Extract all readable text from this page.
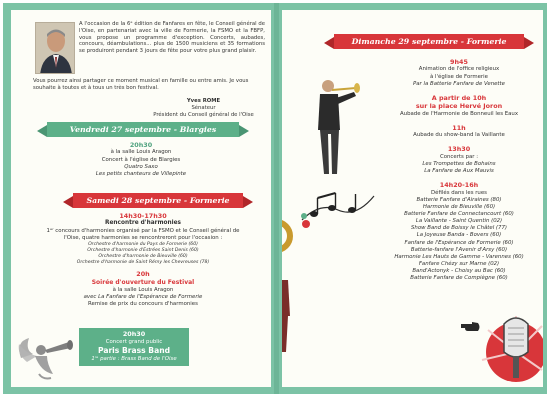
A l'occasion de la 6ᵉ édition de Fanfares en fête, le Conseil général de l'Oise, en partenariat avec la ville de Formerie, la FSMO et la FBFP, vous propose un programme d'exception. Concerts, aubades, concours, déambulations... plus de 1500 musiciens et 35 formations se produiront pendant 3 jours de fête pour votre plus grand plaisir.

Vous pourrez ainsi partager ce moment musical en famille ou entre amis. Je vous souhaite à toutes et à tous un très bon festival.

Yves ROME
Sénateur
Président du Conseil général de l'Oise
Vendredi 27 septembre - Blargies
20h30
à la salle Louis Aragon
Concert à l'église de Blargies
Quatro Saxo
Les petits chanteurs de Villepinte
Samedi 28 septembre - Formerie
14h30-17h30
Rencontre d'harmonies
1ᵉʳ concours d'harmonies organisé par la FSMO et le Conseil général de l'Oise, quatre harmonies se rencontreront pour l'occasion :
Orchestre d'harmonie du Pays de Formerie (60)
Orchestre d'harmonie d'Estrées Saint Denis (60)
Orchestre d'harmonie de Bieuville (60)
Orchestre d'harmonie de Saint Rémy les Chevreuses (78)
20h
Soirée d'ouverture du Festival
à la salle Louis Aragon
avec La Fanfare de l'Espérance de Formerie
Remise de prix du concours d'harmonies
20h30
Concert grand public
Paris Brass Band
1ʳᵉ partie : Brass Band de l'Oise
Dimanche 29 septembre - Formerie
9h45
Animation de l'office religieux
à l'église de Formerie
Par la Batterie Fanfare de Venette
A partir de 10h
sur la place Hervé Joron
Aubade de l'Harmonie de Bonneuil les Eaux
11h
Aubade du show-band la Vaillante
13h30
Concerts par :
Les Trompettes de Bohains
La Fanfare de Aux Mauvis
14h20-16h
Défilés dans les rues
Batterie Fanfare d'Airaines (80)
Harmonie de Bieuville (60)
Batterie Fanfare de Connectancourt (60)
La Vaillante - Saint Quentin (02)
Show Band de Boissy le Châtel (77)
La Joyeuse Banda - Bovers (60)
Fanfare de l'Espérance de Formerie (60)
Batterie-fanfare l'Avenir d'Arsy (60)
Harmonie Les Hauts de Gamme - Varennes (60)
Fanfare Chézy sur Marne (02)
Band'Actonyk - Choisy au Bac (60)
Batterie Fanfare de Compiègne (60)
